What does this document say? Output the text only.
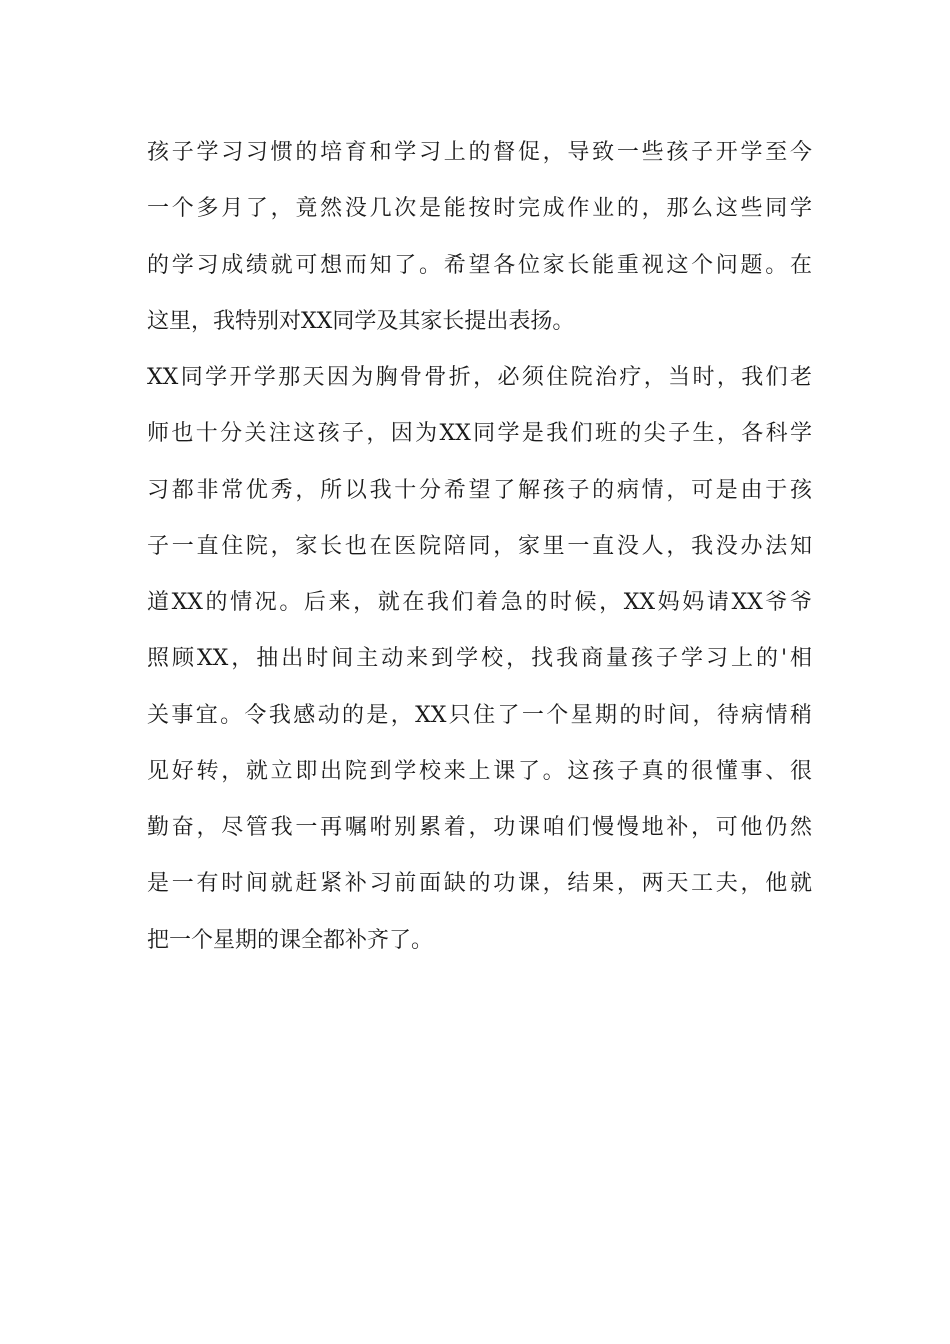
孩子学习习惯的培育和学习上的督促，导致一些孩子开学至今
一个多月了，竟然没几次是能按时完成作业的，那么这些同学
的学习成绩就可想而知了。希望各位家长能重视这个问题。在
这里，我特别对XX同学及其家长提出表扬。
XX同学开学那天因为胸骨骨折，必须住院治疗，当时，我们老
师也十分关注这孩子，因为XX同学是我们班的尖子生，各科学
习都非常优秀，所以我十分希望了解孩子的病情，可是由于孩
子一直住院，家长也在医院陪同，家里一直没人，我没办法知
道XX的情况。后来，就在我们着急的时候，XX妈妈请XX爷爷
照顾XX，抽出时间主动来到学校，找我商量孩子学习上的'相
关事宜。令我感动的是，XX只住了一个星期的时间，待病情稍
见好转，就立即出院到学校来上课了。这孩子真的很懂事、很
勤奋，尽管我一再嘱咐别累着，功课咱们慢慢地补，可他仍然
是一有时间就赶紧补习前面缺的功课，结果，两天工夫，他就
把一个星期的课全都补齐了。
